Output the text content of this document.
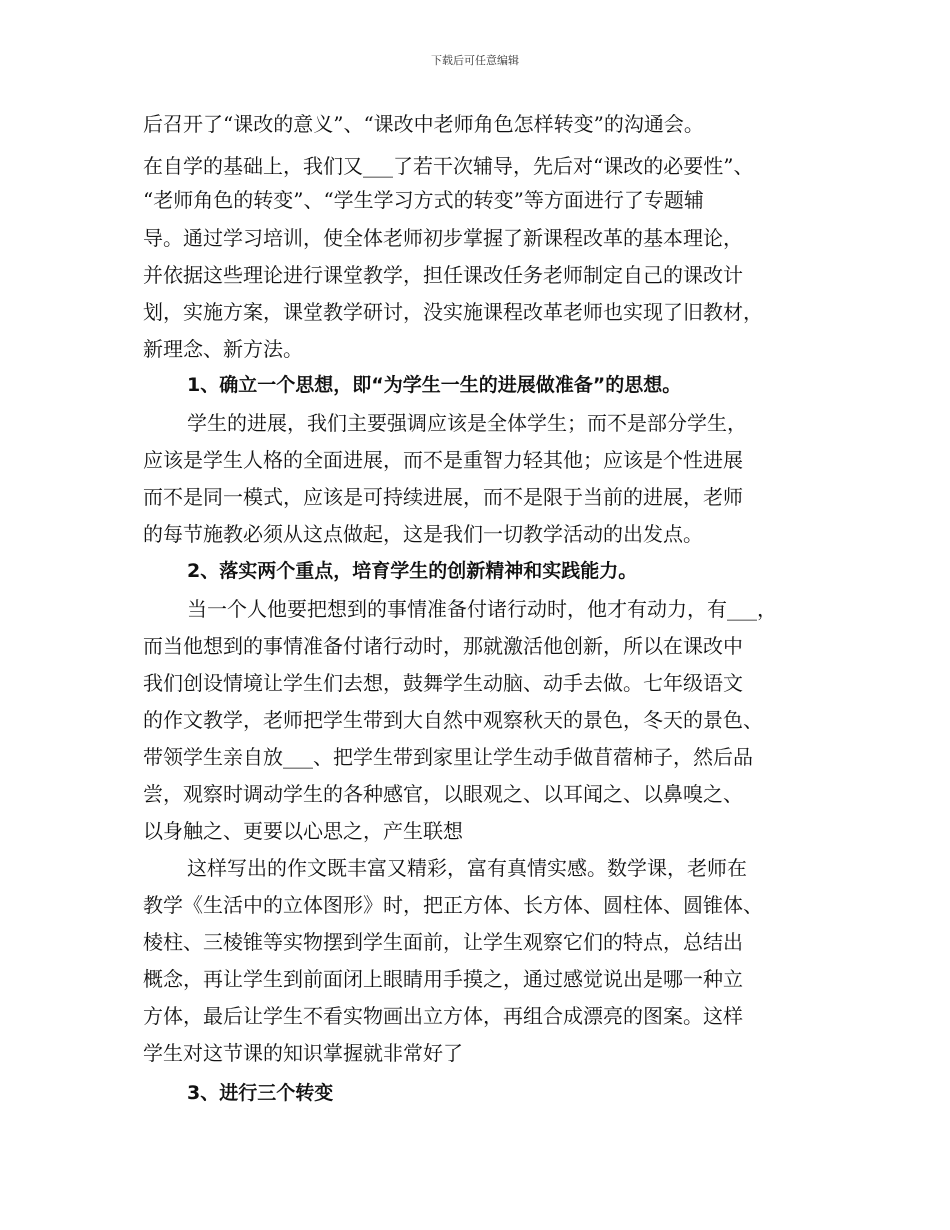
下载后可任意编辑
后召开了“课改的意义”、“课改中老师角色怎样转变”的沟通会。
在自学的基础上，我们又___了若干次辅导，先后对“课改的必要性”、
“老师角色的转变”、“学生学习方式的转变”等方面进行了专题辅
导。通过学习培训，使全体老师初步掌握了新课程改革的基本理论，
并依据这些理论进行课堂教学，担任课改任务老师制定自己的课改计
划，实施方案，课堂教学研讨，没实施课程改革老师也实现了旧教材，
新理念、新方法。
1、确立一个思想，即“为学生一生的进展做准备”的思想。
学生的进展，我们主要强调应该是全体学生；而不是部分学生，
应该是学生人格的全面进展，而不是重智力轻其他；应该是个性进展
而不是同一模式，应该是可持续进展，而不是限于当前的进展，老师
的每节施教必须从这点做起，这是我们一切教学活动的出发点。
2、落实两个重点，培育学生的创新精神和实践能力。
当一个人他要把想到的事情准备付诸行动时，他才有动力，有___，
而当他想到的事情准备付诸行动时，那就激活他创新，所以在课改中
我们创设情境让学生们去想，鼓舞学生动脑、动手去做。七年级语文
的作文教学，老师把学生带到大自然中观察秋天的景色，冬天的景色、
带领学生亲自放___、把学生带到家里让学生动手做苜蓿柿子，然后品
尝，观察时调动学生的各种感官，以眼观之、以耳闻之、以鼻嗅之、
以身触之、更要以心思之，产生联想
这样写出的作文既丰富又精彩，富有真情实感。数学课，老师在
教学《生活中的立体图形》时，把正方体、长方体、圆柱体、圆锥体、
棱柱、三棱锥等实物摆到学生面前，让学生观察它们的特点，总结出
概念，再让学生到前面闭上眼睛用手摸之，通过感觉说出是哪一种立
方体，最后让学生不看实物画出立方体，再组合成漂亮的图案。这样
学生对这节课的知识掌握就非常好了
3、进行三个转变
